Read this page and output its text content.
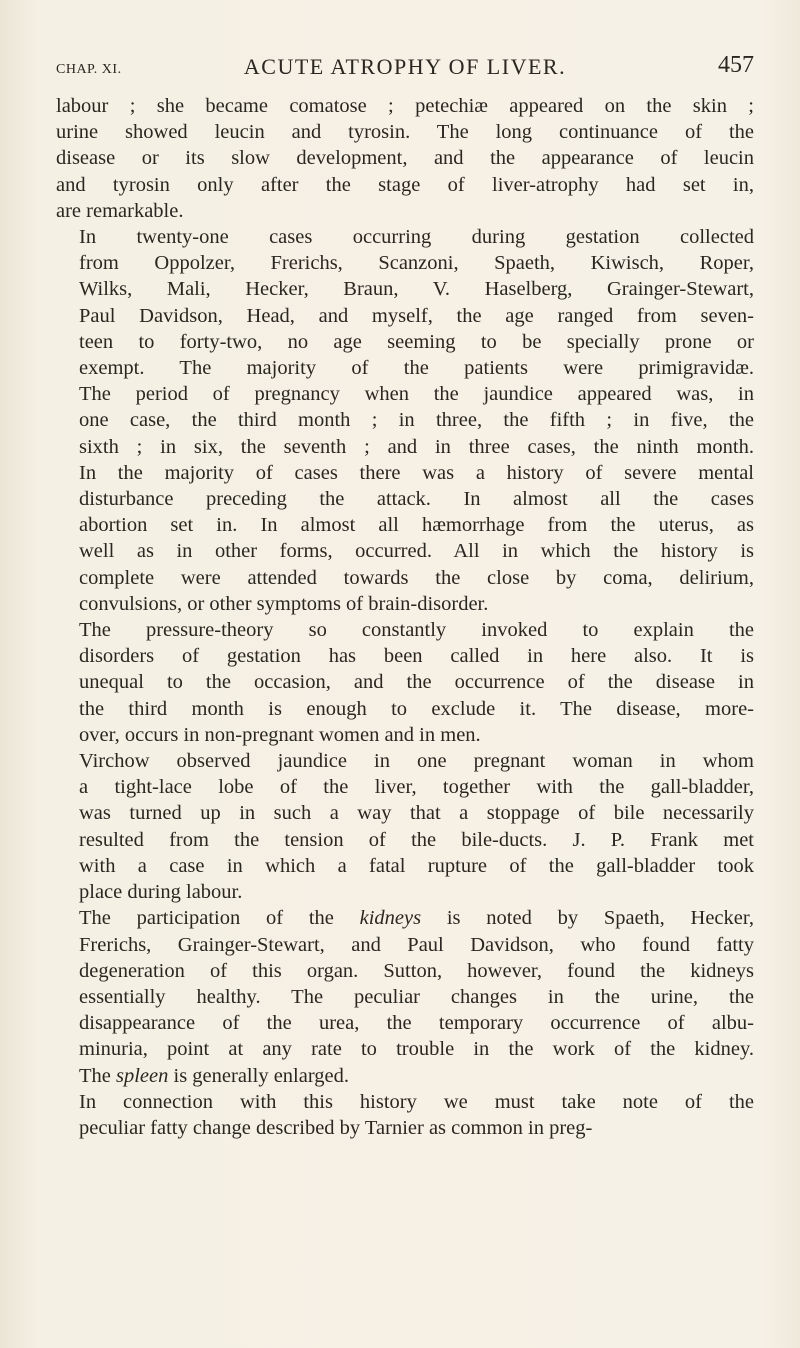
CHAP. XI.	ACUTE ATROPHY OF LIVER.	457

labour ; she became comatose ; petechiæ appeared on the skin ;
urine showed leucin and tyrosin. The long continuance of the
disease or its slow development, and the appearance of leucin
and tyrosin only after the stage of liver-atrophy had set in,
are remarkable.

In twenty-one cases occurring during gestation collected
from Oppolzer, Frerichs, Scanzoni, Spaeth, Kiwisch, Roper,
Wilks, Mali, Hecker, Braun, V. Haselberg, Grainger-Stewart,
Paul Davidson, Head, and myself, the age ranged from seven-
teen to forty-two, no age seeming to be specially prone or
exempt. The majority of the patients were primigravidæ.
The period of pregnancy when the jaundice appeared was, in
one case, the third month ; in three, the fifth ; in five, the
sixth ; in six, the seventh ; and in three cases, the ninth month.
In the majority of cases there was a history of severe mental
disturbance preceding the attack. In almost all the cases
abortion set in. In almost all hæmorrhage from the uterus, as
well as in other forms, occurred. All in which the history is
complete were attended towards the close by coma, delirium,
convulsions, or other symptoms of brain-disorder.

The pressure-theory so constantly invoked to explain the
disorders of gestation has been called in here also. It is
unequal to the occasion, and the occurrence of the disease in
the third month is enough to exclude it. The disease, more-
over, occurs in non-pregnant women and in men.

Virchow observed jaundice in one pregnant woman in whom
a tight-lace lobe of the liver, together with the gall-bladder,
was turned up in such a way that a stoppage of bile necessarily
resulted from the tension of the bile-ducts. J. P. Frank met
with a case in which a fatal rupture of the gall-bladder took
place during labour.

The participation of the kidneys is noted by Spaeth, Hecker,
Frerichs, Grainger-Stewart, and Paul Davidson, who found fatty
degeneration of this organ. Sutton, however, found the kidneys
essentially healthy. The peculiar changes in the urine, the
disappearance of the urea, the temporary occurrence of albu-
minuria, point at any rate to trouble in the work of the kidney.
The spleen is generally enlarged.

In connection with this history we must take note of the
peculiar fatty change described by Tarnier as common in preg-
